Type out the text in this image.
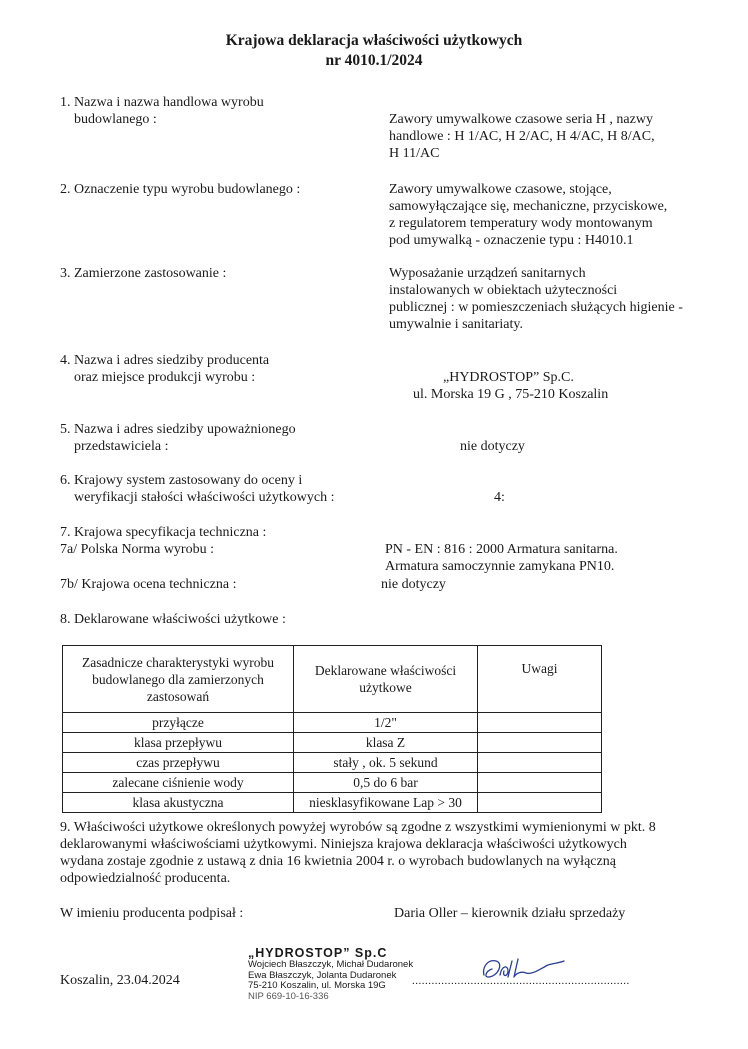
Krajowa deklaracja właściwości użytkowych
nr 4010.1/2024
1. Nazwa i nazwa handlowa wyrobu
budowlanego :	Zawory umywalkowe czasowe seria H , nazwy
handlowe : H 1/AC, H 2/AC, H 4/AC, H 8/AC,
H 11/AC
2. Oznaczenie typu wyrobu budowlanego :	Zawory umywalkowe czasowe, stojące,
samowyłączające się, mechaniczne, przyciskowe,
z regulatorem temperatury wody montowanym
pod umywalką - oznaczenie typu : H4010.1
3. Zamierzone zastosowanie :	Wyposażanie urządzeń sanitarnych
instalowanych w obiektach użyteczności
publicznej : w pomieszczeniach służących higienie -
umywalnie i sanitariaty.
4. Nazwa i adres siedziby producenta
oraz miejsce produkcji wyrobu :	„HYDROSTOP” Sp.C.
ul. Morska 19 G , 75-210 Koszalin
5. Nazwa i adres siedziby upoważnionego
przedstawiciela :	nie dotyczy
6. Krajowy system zastosowany do oceny i
weryfikacji stałości właściwości użytkowych :	4:
7. Krajowa specyfikacja techniczna :
7a/ Polska Norma wyrobu :	PN - EN : 816 : 2000 Armatura sanitarna.
Armatura samoczynnie zamykana PN10.
7b/ Krajowa ocena techniczna :	nie dotyczy
8. Deklarowane właściwości użytkowe :
Zasadnicze charakterystyki wyrobu budowlanego dla zamierzonych zastosowań	Deklarowane właściwości użytkowe	Uwagi
przyłącze	1/2"	
klasa przepływu	klasa Z	
czas przepływu	stały , ok. 5 sekund	
zalecane ciśnienie wody	0,5 do 6 bar	
klasa akustyczna	niesklasyfikowane Lap > 30	
9. Właściwości użytkowe określonych powyżej wyrobów są zgodne z wszystkimi wymienionymi w pkt. 8
deklarowanymi właściwościami użytkowymi. Niniejsza krajowa deklaracja właściwości użytkowych
wydana zostaje zgodnie z ustawą z dnia 16 kwietnia 2004 r. o wyrobach budowlanych na wyłączną
odpowiedzialność producenta.
W imieniu producenta podpisał :	Daria Oller – kierownik działu sprzedaży
Koszalin, 23.04.2024	...................................................................
„HYDROSTOP” Sp.C
Wojciech Błaszczyk, Michał Dudaronek
Ewa Błaszczyk, Jolanta Dudaronek
75-210 Koszalin, ul. Morska 19G
NIP 669-10-16-336
